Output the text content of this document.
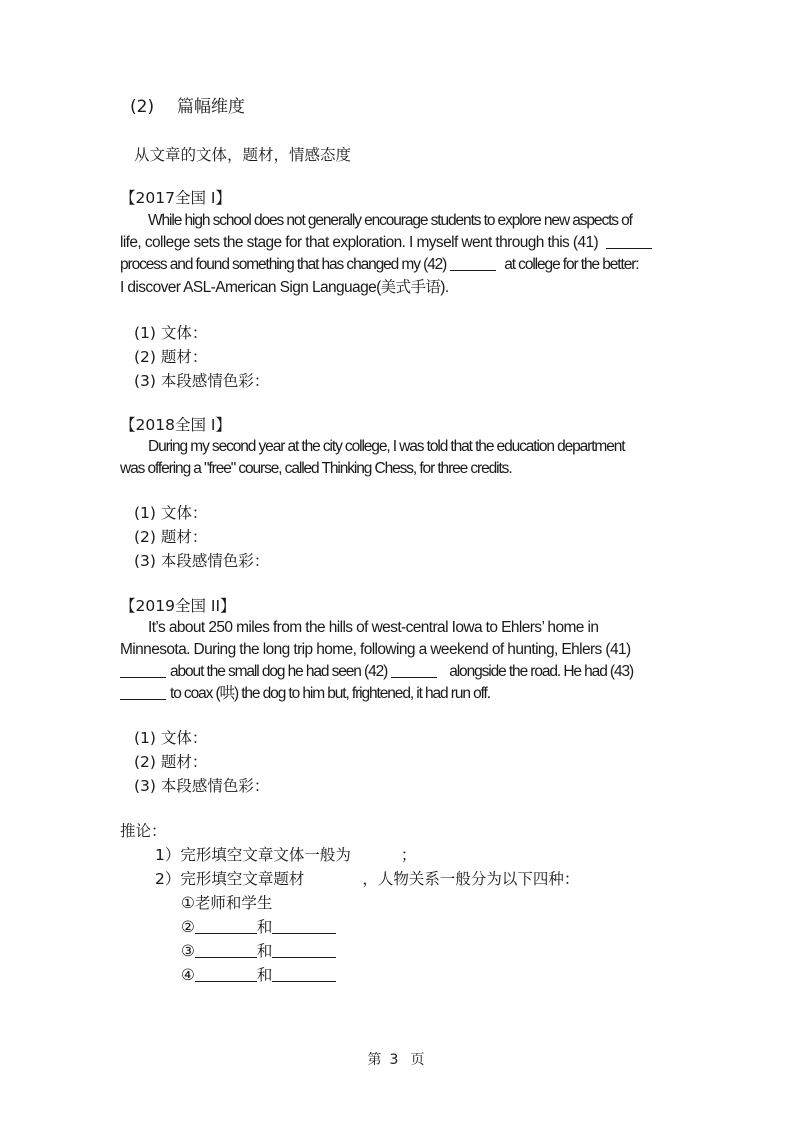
(2) 篇幅维度
从文章的文体，题材，情感态度
【2017全国 I】
While high school does not generally encourage students to explore new aspects of
life, college sets the stage for that exploration. I myself went through this (41)
process and found something that has changed my (42)	at college for the better:
I discover ASL-American Sign Language(美式手语).
(1) 文体：
(2) 题材：
(3) 本段感情色彩：
【2018全国 I】
During my second year at the city college, I was told that the education department
was offering a "free" course, called Thinking Chess, for three credits.
(1) 文体：
(2) 题材：
(3) 本段感情色彩：
【2019全国 II】
It’s about 250 miles from the hills of west-central Iowa to Ehlers’ home in
Minnesota. During the long trip home, following a weekend of hunting, Ehlers (41)
about the small dog he had seen (42)	alongside the road. He had (43)
to coax (哄) the dog to him but, frightened, it had run off.
(1) 文体：
(2) 题材：
(3) 本段感情色彩：
推论：
1）完形填空文章文体一般为	；
2）完形填空文章题材	，人物关系一般分为以下四种：
①老师和学生
②	和
③	和
④	和
第 3 页
